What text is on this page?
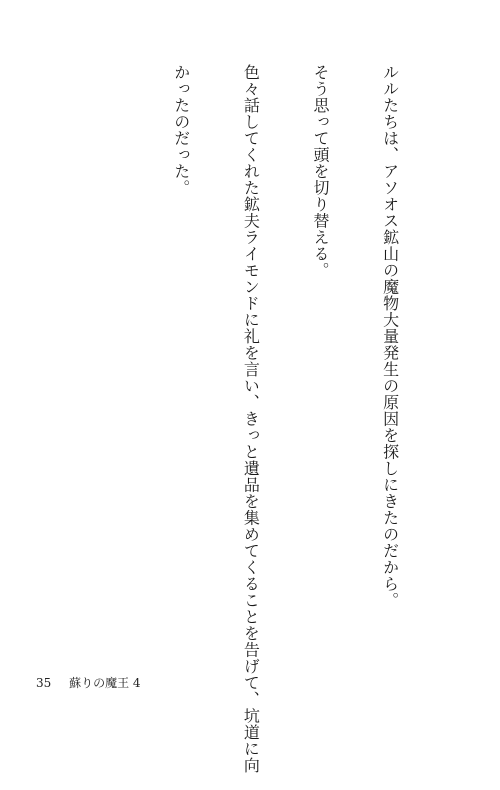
ルルたちは、アソオス鉱山の魔物大量発生の原因を探しにきたのだから。

そう思って頭を切り替える。

色々話してくれた鉱夫ライモンドに礼を言い、きっと遺品を集めてくることを告げて、坑道に向

かったのだった。

35 蘇りの魔王 4
